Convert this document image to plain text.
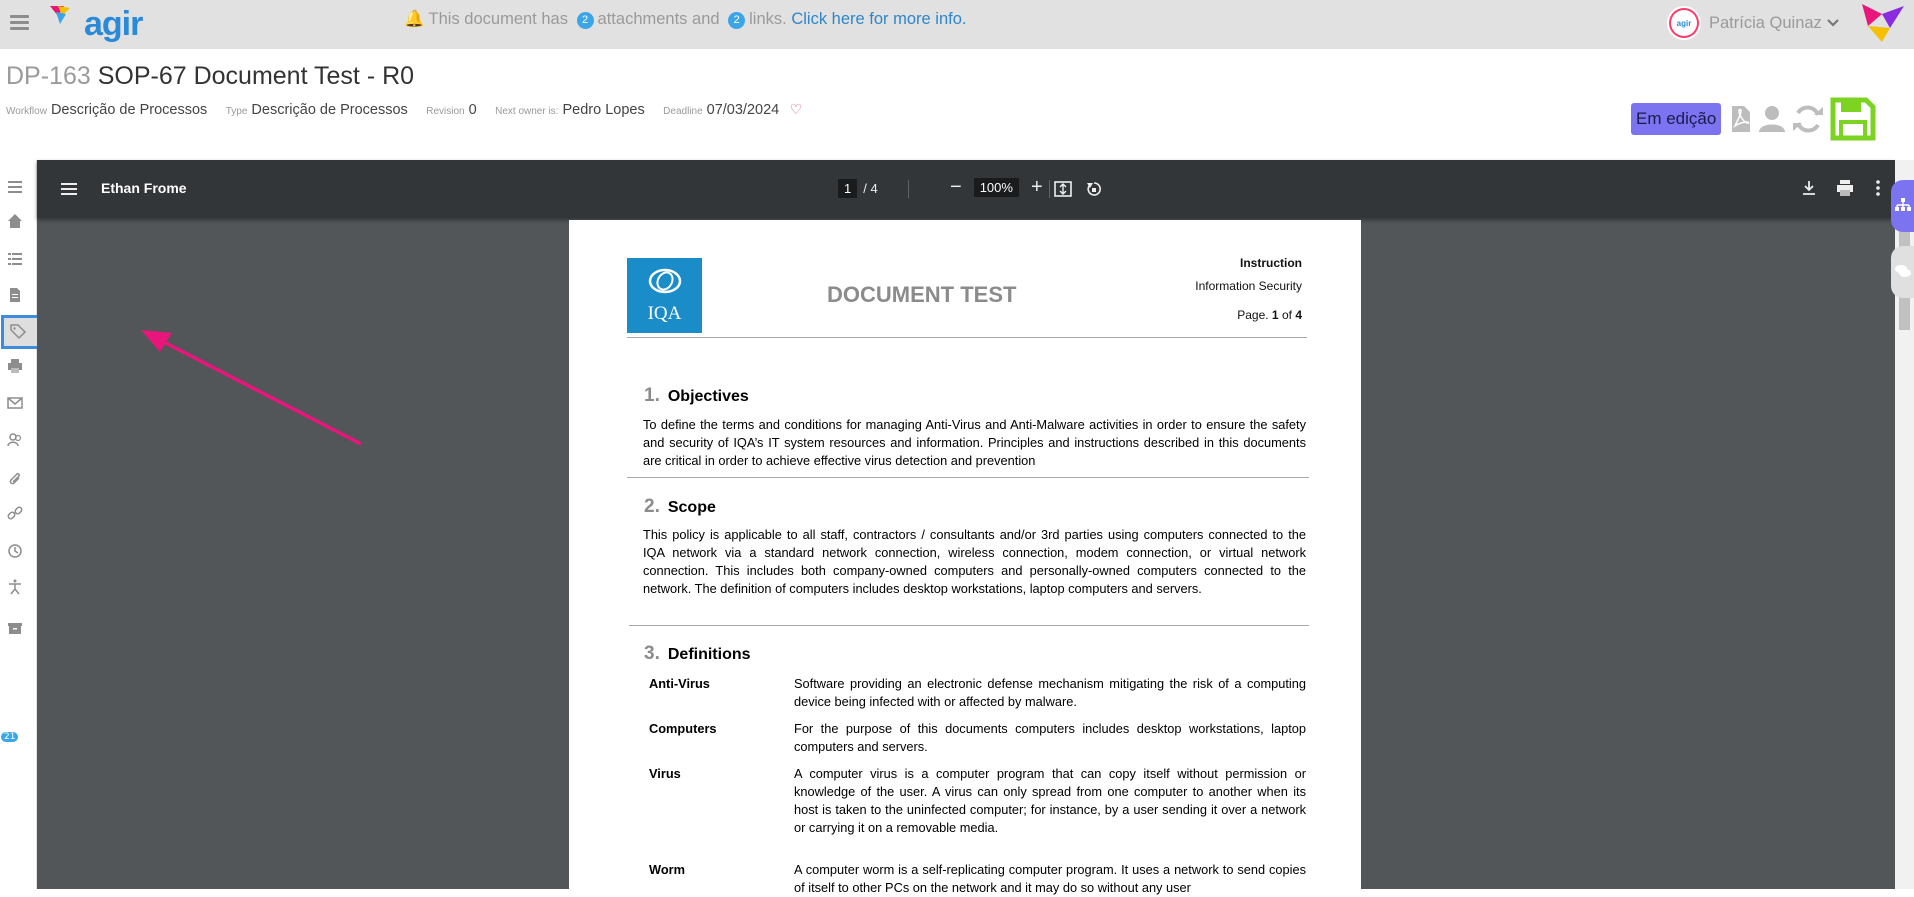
agir	🔔 This document has 2 attachments and 2 links. Click here for more info.	agir Patrícia Quinaz
DP-163 SOP-67 Document Test - R0
Workflow Descrição de Processos Type Descrição de Processos Revision 0 Next owner is: Pedro Lopes Deadline 07/03/2024 ♡	Em edição
21
Ethan Frome	1 / 4	−	100% +
IQA
DOCUMENT TEST
Instruction
Information Security
Page. 1 of 4
1. Objectives
To define the terms and conditions for managing Anti-Virus and Anti-Malware activities in order to ensure the safety and security of IQA’s IT system resources and information. Principles and instructions described in this documents are critical in order to achieve effective virus detection and prevention
2. Scope
This policy is applicable to all staff, contractors / consultants and/or 3rd parties using computers connected to the IQA network via a standard network connection, wireless connection, modem connection, or virtual network connection. This includes both company-owned computers and personally-owned computers connected to the network. The definition of computers includes desktop workstations, laptop computers and servers.
3. Definitions
Anti-Virus	Software providing an electronic defense mechanism mitigating the risk of a computing device being infected with or affected by malware.
Computers	For the purpose of this documents computers includes desktop workstations, laptop computers and servers.
Virus	A computer virus is a computer program that can copy itself without permission or knowledge of the user. A virus can only spread from one computer to another when its host is taken to the uninfected computer; for instance, by a user sending it over a network or carrying it on a removable media.
Worm	A computer worm is a self-replicating computer program. It uses a network to send copies of itself to other PCs on the network and it may do so without any user
